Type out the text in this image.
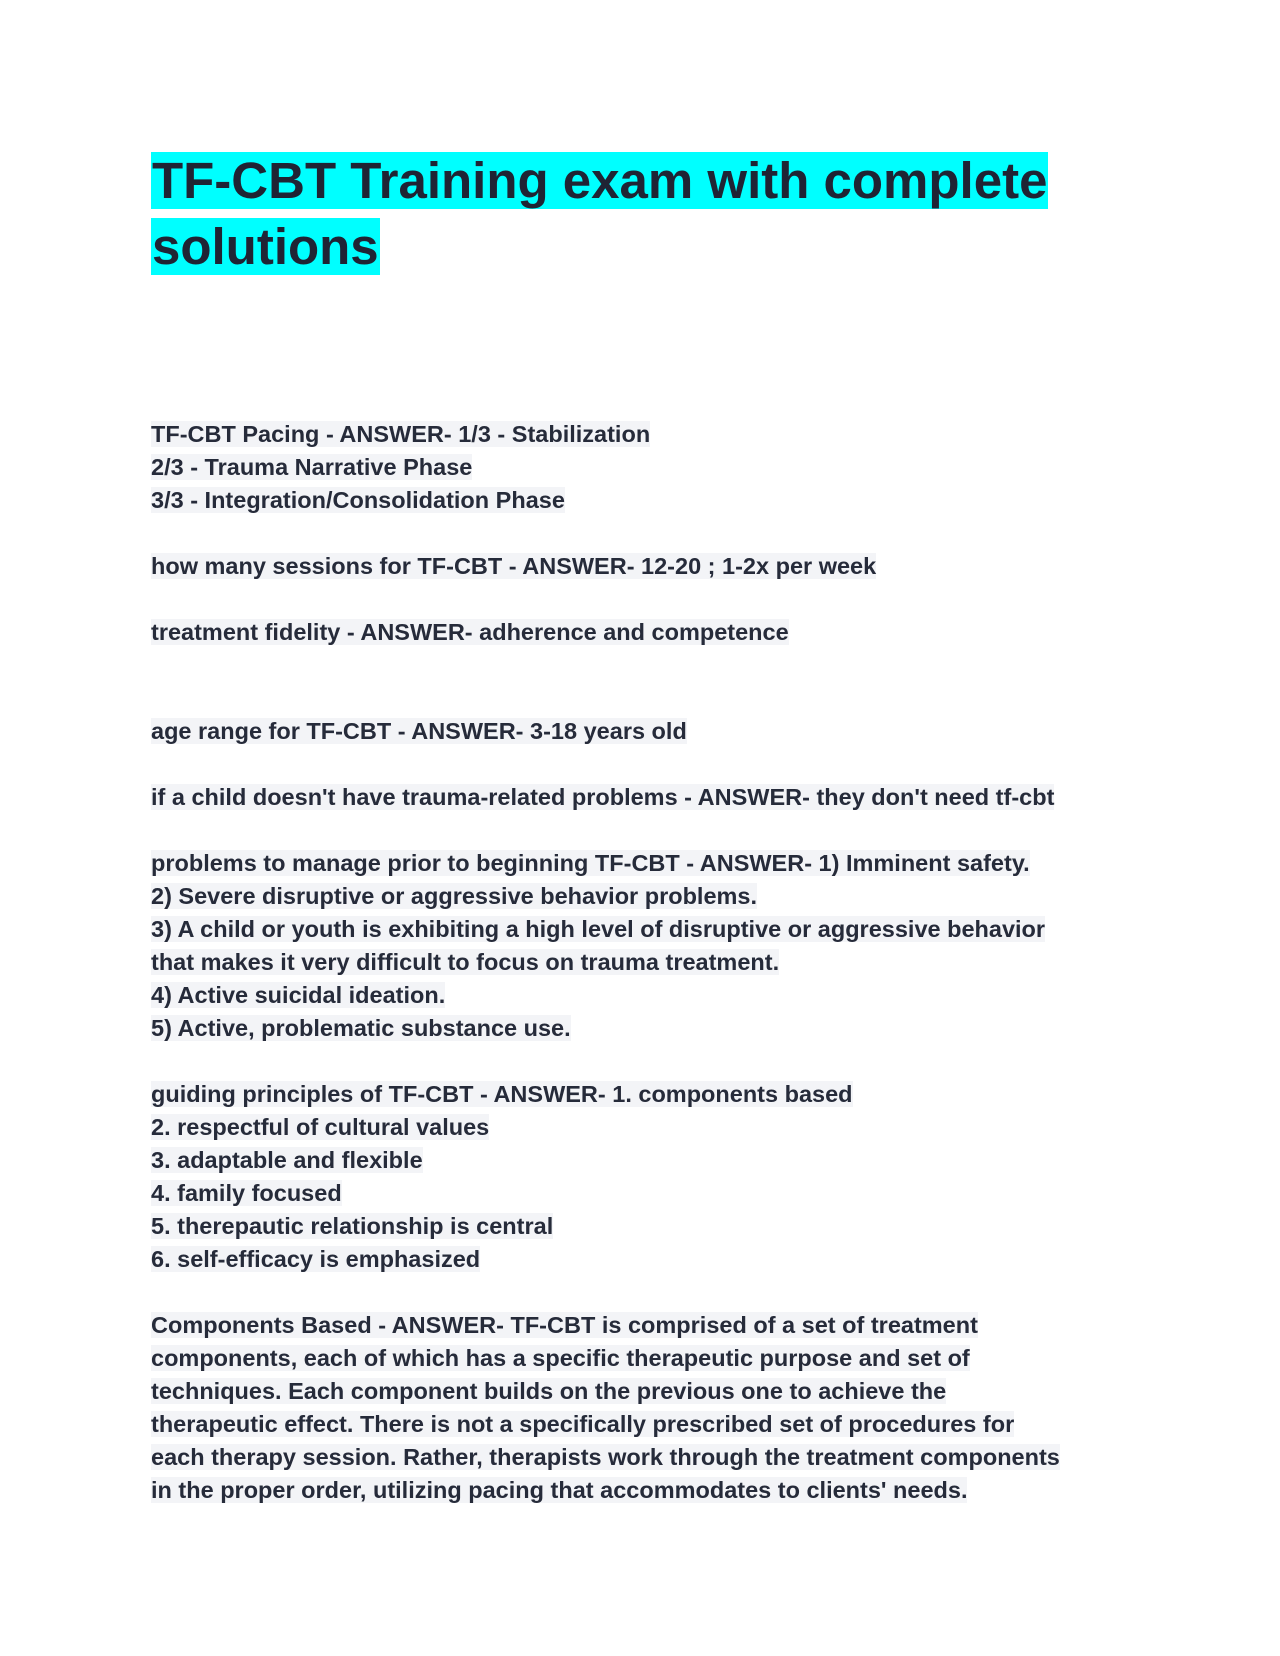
TF-CBT Training exam with complete
solutions

TF-CBT Pacing - ANSWER- 1/3 - Stabilization
2/3 - Trauma Narrative Phase
3/3 - Integration/Consolidation Phase

how many sessions for TF-CBT - ANSWER- 12-20 ; 1-2x per week

treatment fidelity - ANSWER- adherence and competence

age range for TF-CBT - ANSWER- 3-18 years old

if a child doesn't have trauma-related problems - ANSWER- they don't need tf-cbt

problems to manage prior to beginning TF-CBT - ANSWER- 1) Imminent safety.
2) Severe disruptive or aggressive behavior problems.
3) A child or youth is exhibiting a high level of disruptive or aggressive behavior
that makes it very difficult to focus on trauma treatment.
4) Active suicidal ideation.
5) Active, problematic substance use.

guiding principles of TF-CBT - ANSWER- 1. components based
2. respectful of cultural values
3. adaptable and flexible
4. family focused
5. therepautic relationship is central
6. self-efficacy is emphasized

Components Based - ANSWER- TF-CBT is comprised of a set of treatment
components, each of which has a specific therapeutic purpose and set of
techniques. Each component builds on the previous one to achieve the
therapeutic effect. There is not a specifically prescribed set of procedures for
each therapy session. Rather, therapists work through the treatment components
in the proper order, utilizing pacing that accommodates to clients' needs.
